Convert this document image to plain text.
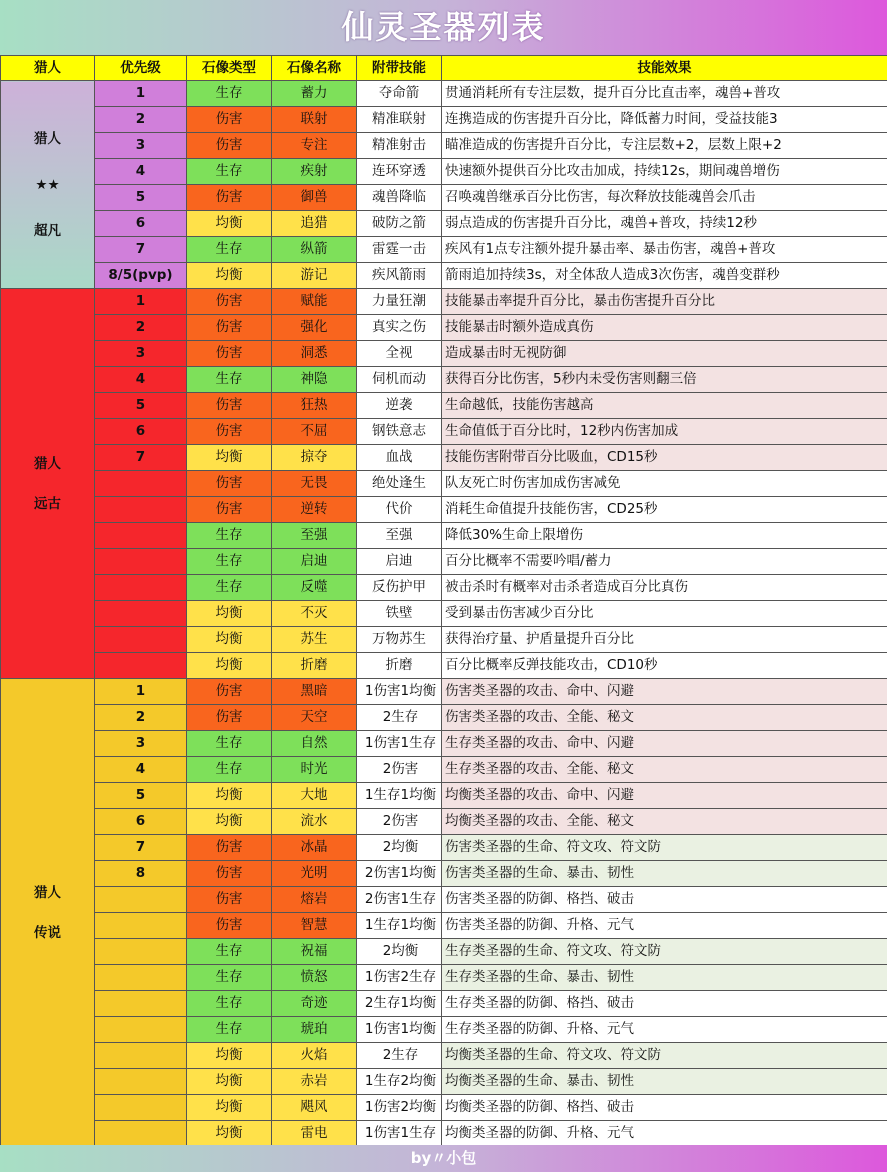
仙灵圣器列表
猎人	优先级	石像类型	石像名称	附带技能	技能效果

猎人
★★
超凡	1	生存	蓄力	夺命箭	贯通消耗所有专注层数，提升百分比直击率，魂兽+普攻
	2	伤害	联射	精准联射	连携造成的伤害提升百分比，降低蓄力时间，受益技能3
	3	伤害	专注	精准射击	瞄准造成的伤害提升百分比，专注层数+2，层数上限+2
	4	生存	疾射	连环穿透	快速额外提供百分比攻击加成，持续12s，期间魂兽增伤
	5	伤害	御兽	魂兽降临	召唤魂兽继承百分比伤害，每次释放技能魂兽会爪击
	6	均衡	追猎	破防之箭	弱点造成的伤害提升百分比，魂兽+普攻，持续12秒
	7	生存	纵箭	雷霆一击	疾风有1点专注额外提升暴击率、暴击伤害，魂兽+普攻
	8/5(pvp)	均衡	游记	疾风箭雨	箭雨追加持续3s，对全体敌人造成3次伤害，魂兽变群秒

猎人
远古	1	伤害	赋能	力量狂潮	技能暴击率提升百分比，暴击伤害提升百分比
	2	伤害	强化	真实之伤	技能暴击时额外造成真伤
	3	伤害	洞悉	全视	造成暴击时无视防御
	4	生存	神隐	伺机而动	获得百分比伤害，5秒内未受伤害则翻三倍
	5	伤害	狂热	逆袭	生命越低，技能伤害越高
	6	伤害	不屈	钢铁意志	生命值低于百分比时，12秒内伤害加成
	7	均衡	掠夺	血战	技能伤害附带百分比吸血，CD15秒
		伤害	无畏	绝处逢生	队友死亡时伤害加成伤害减免
		伤害	逆转	代价	消耗生命值提升技能伤害，CD25秒
		生存	至强	至强	降低30%生命上限增伤
		生存	启迪	启迪	百分比概率不需要吟唱/蓄力
		生存	反噬	反伤护甲	被击杀时有概率对击杀者造成百分比真伤
		均衡	不灭	铁壁	受到暴击伤害减少百分比
		均衡	苏生	万物苏生	获得治疗量、护盾量提升百分比
		均衡	折磨	折磨	百分比概率反弹技能攻击，CD10秒

猎人
传说	1	伤害	黑暗	1伤害1均衡	伤害类圣器的攻击、命中、闪避
	2	伤害	天空	2生存	伤害类圣器的攻击、全能、秘文
	3	生存	自然	1伤害1生存	生存类圣器的攻击、命中、闪避
	4	生存	时光	2伤害	生存类圣器的攻击、全能、秘文
	5	均衡	大地	1生存1均衡	均衡类圣器的攻击、命中、闪避
	6	均衡	流水	2伤害	均衡类圣器的攻击、全能、秘文
	7	伤害	冰晶	2均衡	伤害类圣器的生命、符文攻、符文防
	8	伤害	光明	2伤害1均衡	伤害类圣器的生命、暴击、韧性
		伤害	熔岩	2伤害1生存	伤害类圣器的防御、格挡、破击
		伤害	智慧	1生存1均衡	伤害类圣器的防御、升格、元气
		生存	祝福	2均衡	生存类圣器的生命、符文攻、符文防
		生存	愤怒	1伤害2生存	生存类圣器的生命、暴击、韧性
		生存	奇迹	2生存1均衡	生存类圣器的防御、格挡、破击
		生存	琥珀	1伤害1均衡	生存类圣器的防御、升格、元气
		均衡	火焰	2生存	均衡类圣器的生命、符文攻、符文防
		均衡	赤岩	1生存2均衡	均衡类圣器的生命、暴击、韧性
		均衡	飓风	1伤害2均衡	均衡类圣器的防御、格挡、破击
		均衡	雷电	1伤害1生存	均衡类圣器的防御、升格、元气
by〃小包
